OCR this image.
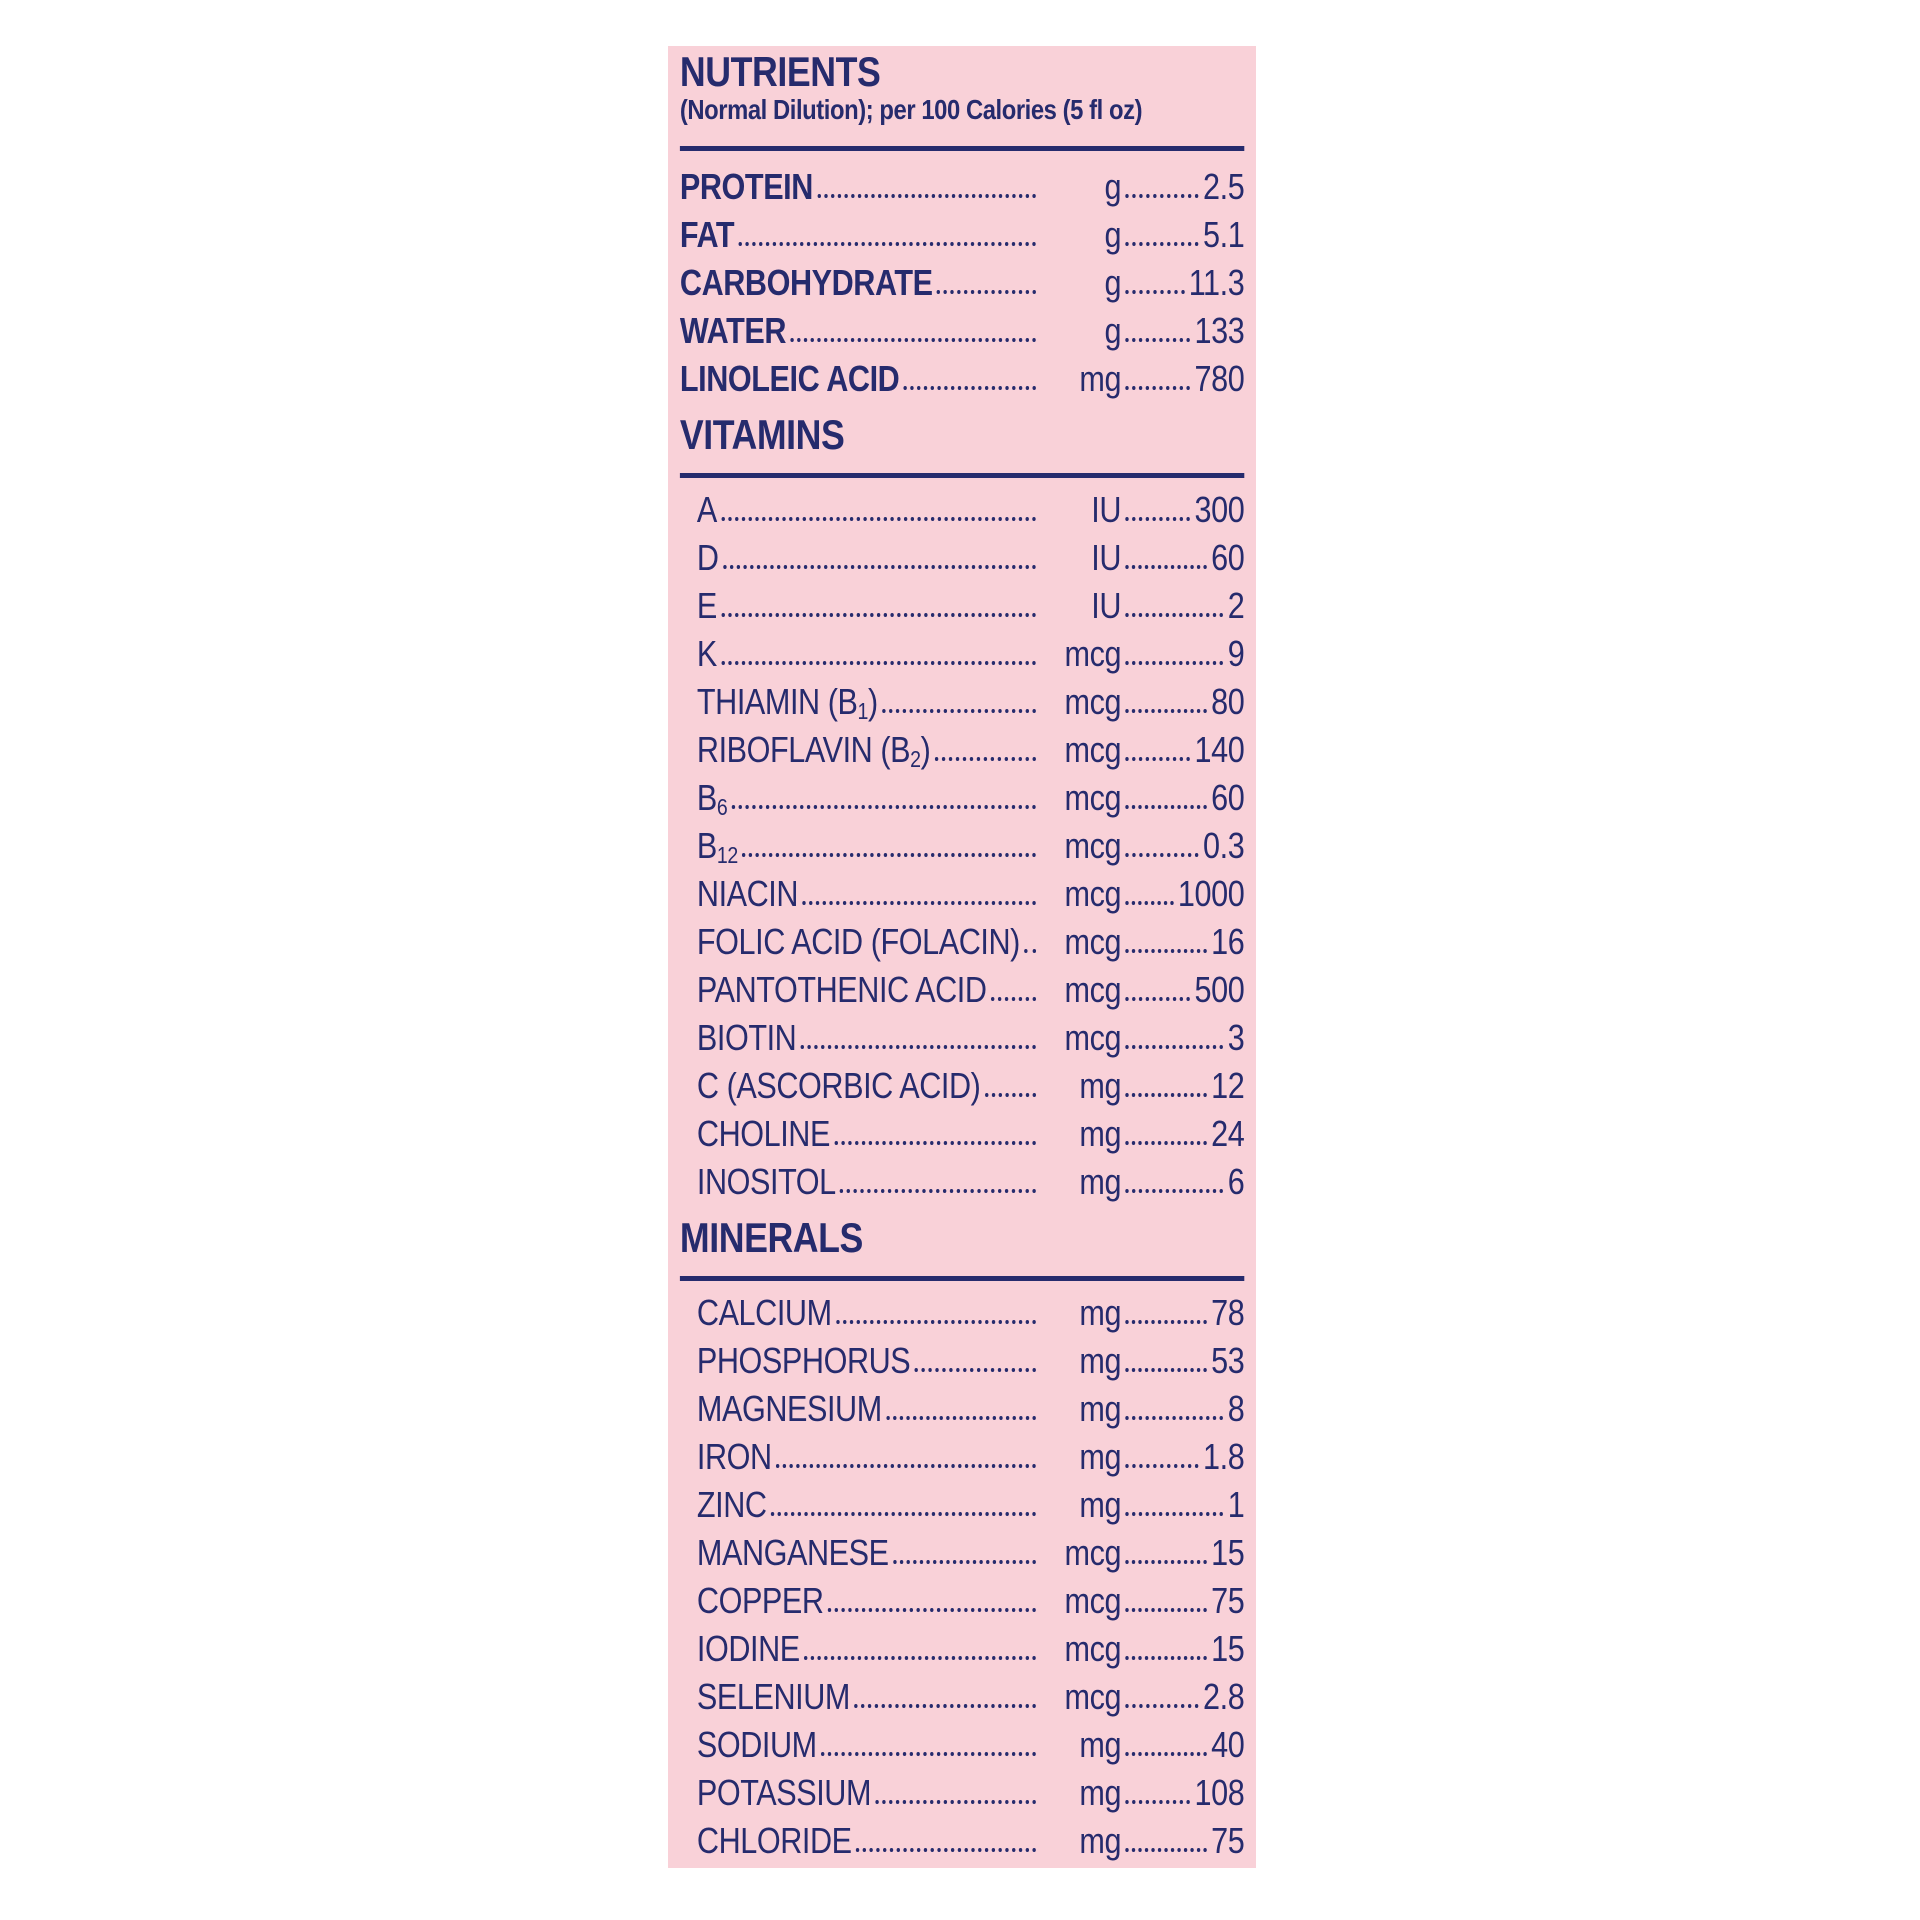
NUTRIENTS

(Normal Dilution); per 100 Calories (5 fl oz)

PROTEIN	g 2.5
FAT	g 5.1
CARBOHYDRATE	g 11.3
WATER	g 133
LINOLEIC ACID	mg 780
VITAMINS
A	IU 300
D	IU	60
E	IU	2
K	mcg	9
THIAMIN $(B_1)$	mcg	80
RIBOFLAVIN $(B_2)$	mcg 140
$B_6$	mcg	60
$B_{12}$	mcg 0.3
NIACIN	mcg 1000
FOLIC ACID (FOLACIN)	mcg	16
PANTOTHENIC ACID	mcg 500
BIOTIN	mcg	3
C (ASCORBIC ACID)	mg	12
CHOLINE	mg	24
INOSITOL	mg	6
MINERALS
CALCIUM	mg	78
PHOSPHORUS	mg	53
MAGNESIUM	mg	8
IRON	mg 1.8
ZINC	mg	1
MANGANESE	mcg	15
COPPER	mcg	75
IODINE	mcg	15
SELENIUM	mcg 2.8
SODIUM	mg	40
POTASSIUM	mg 108
CHLORIDE	mg	75
